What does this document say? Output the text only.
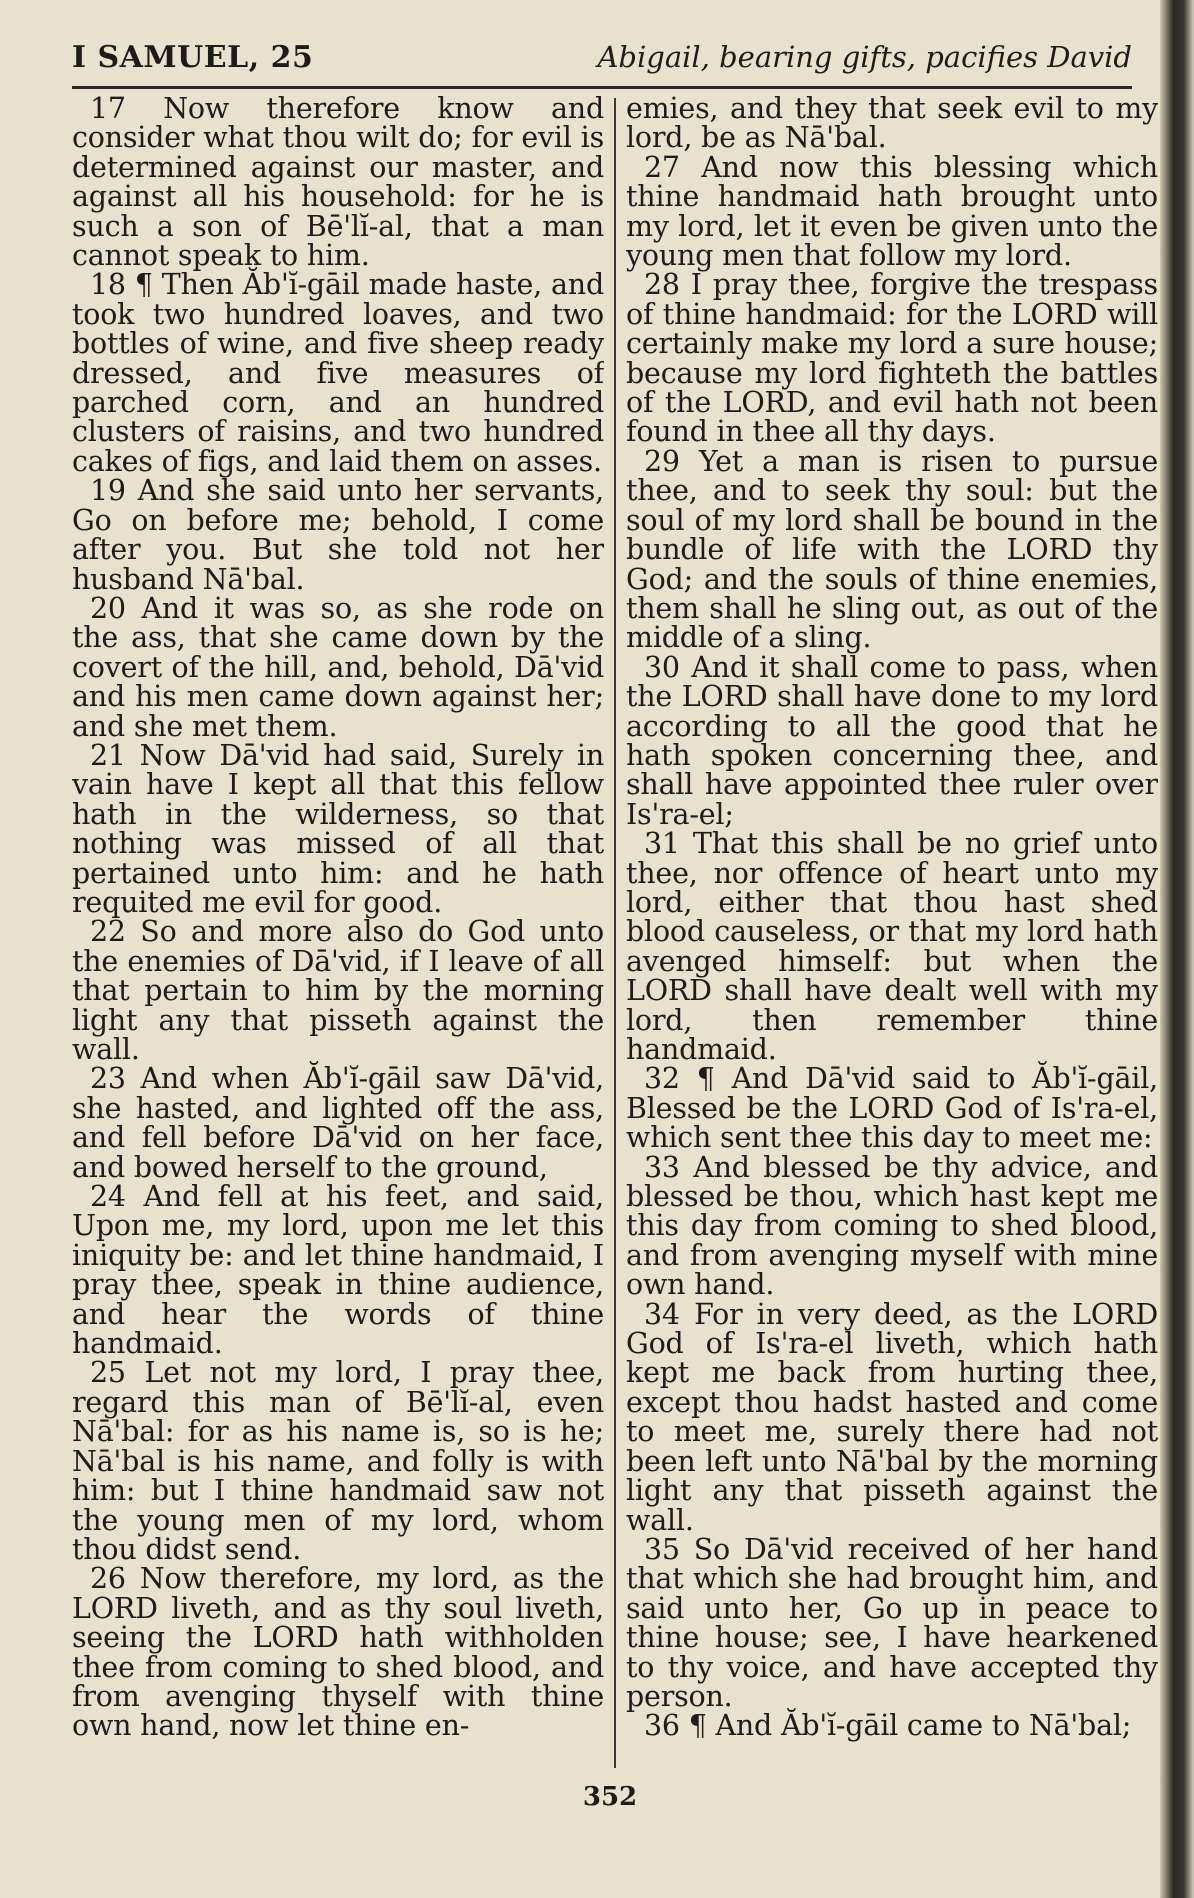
I SAMUEL, 25	Abigail, bearing gifts, pacifies David

17 Now therefore know and consider what thou wilt do; for evil is determined against our master, and against all his household: for he is such a son of Bē'lĭ-al, that a man cannot speak to him.

18 ¶ Then Ăb'ĭ-gāil made haste, and took two hundred loaves, and two bottles of wine, and five sheep ready dressed, and five measures of parched corn, and an hundred clusters of raisins, and two hundred cakes of figs, and laid them on asses.

19 And she said unto her servants, Go on before me; behold, I come after you. But she told not her husband Nā'bal.

20 And it was so, as she rode on the ass, that she came down by the covert of the hill, and, behold, Dā'vid and his men came down against her; and she met them.

21 Now Dā'vid had said, Surely in vain have I kept all that this fellow hath in the wilderness, so that nothing was missed of all that pertained unto him: and he hath requited me evil for good.

22 So and more also do God unto the enemies of Dā'vid, if I leave of all that pertain to him by the morning light any that pisseth against the wall.

23 And when Ăb'ĭ-gāil saw Dā'vid, she hasted, and lighted off the ass, and fell before Dā'vid on her face, and bowed herself to the ground,

24 And fell at his feet, and said, Upon me, my lord, upon me let this iniquity be: and let thine handmaid, I pray thee, speak in thine audience, and hear the words of thine handmaid.

25 Let not my lord, I pray thee, regard this man of Bē'lĭ-al, even Nā'bal: for as his name is, so is he; Nā'bal is his name, and folly is with him: but I thine handmaid saw not the young men of my lord, whom thou didst send.

26 Now therefore, my lord, as the LORD liveth, and as thy soul liveth, seeing the LORD hath withholden thee from coming to shed blood, and from avenging thyself with thine own hand, now let thine en-

emies, and they that seek evil to my lord, be as Nā'bal.

27 And now this blessing which thine handmaid hath brought unto my lord, let it even be given unto the young men that follow my lord.

28 I pray thee, forgive the trespass of thine handmaid: for the LORD will certainly make my lord a sure house; because my lord fighteth the battles of the LORD, and evil hath not been found in thee all thy days.

29 Yet a man is risen to pursue thee, and to seek thy soul: but the soul of my lord shall be bound in the bundle of life with the LORD thy God; and the souls of thine enemies, them shall he sling out, as out of the middle of a sling.

30 And it shall come to pass, when the LORD shall have done to my lord according to all the good that he hath spoken concerning thee, and shall have appointed thee ruler over Is'ra-el;

31 That this shall be no grief unto thee, nor offence of heart unto my lord, either that thou hast shed blood causeless, or that my lord hath avenged himself: but when the LORD shall have dealt well with my lord, then remember thine handmaid.

32 ¶ And Dā'vid said to Ăb'ĭ-gāil, Blessed be the LORD God of Is'ra-el, which sent thee this day to meet me:

33 And blessed be thy advice, and blessed be thou, which hast kept me this day from coming to shed blood, and from avenging myself with mine own hand.

34 For in very deed, as the LORD God of Is'ra-el liveth, which hath kept me back from hurting thee, except thou hadst hasted and come to meet me, surely there had not been left unto Nā'bal by the morning light any that pisseth against the wall.

35 So Dā'vid received of her hand that which she had brought him, and said unto her, Go up in peace to thine house; see, I have hearkened to thy voice, and have accepted thy person.

36 ¶ And Ăb'ĭ-gāil came to Nā'bal;

352
